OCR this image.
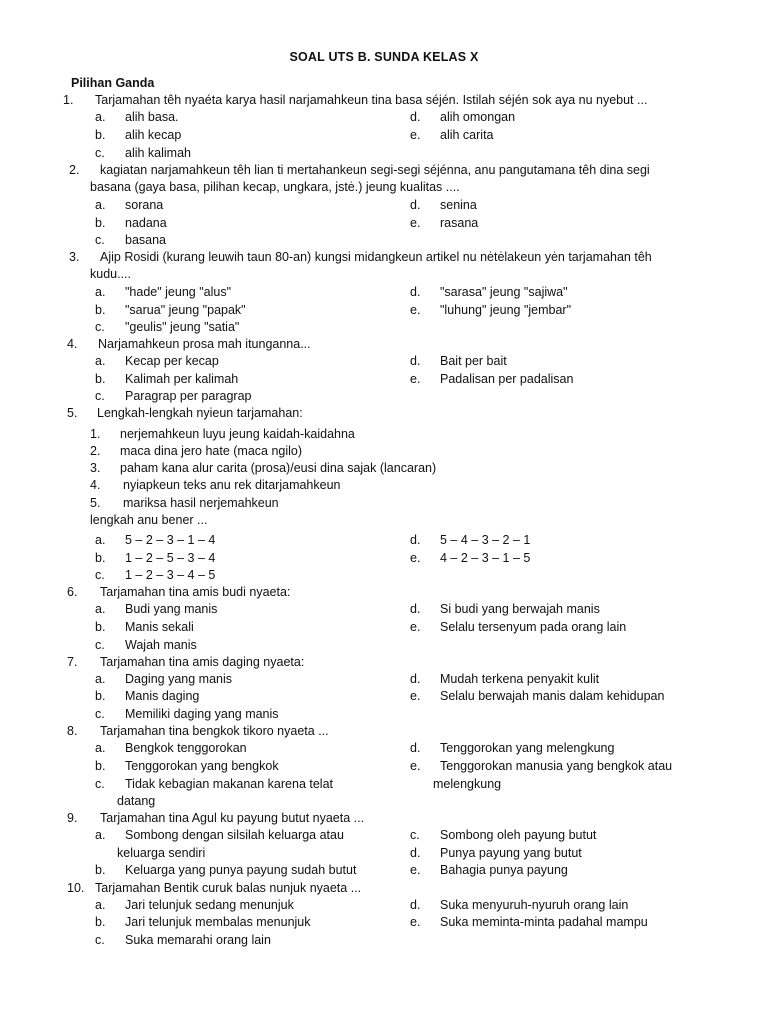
SOAL UTS B. SUNDA KELAS X
Pilihan Ganda
1. Tarjamahan têh nyaéta karya hasil narjamahkeun tina basa séjén. Istilah séjén sok aya nu nyebut ...
a. alih basa.
b. alih kecap
c. alih kalimah
d. alih omongan
e. alih carita
2. kagiatan narjamahkeun têh lian ti mertahankeun segi-segi séjénna, anu pangutamana têh dina segi
basana (gaya basa, pilihan kecap, ungkara, jstė.) jeung kualitas ....
a. sorana
b. nadana
c. basana
d. senina
e. rasana
3. Ajip Rosidi (kurang leuwih taun 80-an) kungsi midangkeun artikel nu nėtėlakeun yėn tarjamahan têh
kudu....
a. "hade" jeung "alus"
b. "sarua" jeung "papak"
c. "geulis" jeung "satia"
d. "sarasa" jeung "sajiwa"
e. "luhung" jeung "jembar"
4. Narjamahkeun prosa mah itunganna...
a. Kecap per kecap
b. Kalimah per kalimah
c. Paragrap per paragrap
d. Bait per bait
e. Padalisan per padalisan
5. Lengkah-lengkah nyieun tarjamahan:
1. nerjemahkeun luyu jeung kaidah-kaidahna
2. maca dina jero hate (maca ngilo)
3. paham kana alur carita (prosa)/eusi dina sajak (lancaran)
4. nyiapkeun teks anu rek ditarjamahkeun
5. mariksa hasil nerjemahkeun
lengkah anu bener ...
a. 5 – 2 – 3 – 1 – 4
b. 1 – 2 – 5 – 3 – 4
c. 1 – 2 – 3 – 4 – 5
d. 5 – 4 – 3 – 2 – 1
e. 4 – 2 – 3 – 1 – 5
6. Tarjamahan tina amis budi nyaeta:
a. Budi yang manis
b. Manis sekali
c. Wajah manis
d. Si budi yang berwajah manis
e. Selalu tersenyum pada orang lain
7. Tarjamahan tina amis daging nyaeta:
a. Daging yang manis
b. Manis daging
c. Memiliki daging yang manis
d. Mudah terkena penyakit kulit
e. Selalu berwajah manis dalam kehidupan
8. Tarjamahan tina bengkok tikoro nyaeta ...
a. Bengkok tenggorokan
b. Tenggorokan yang bengkok
c. Tidak kebagian makanan karena telat
datang
d. Tenggorokan yang melengkung
e. Tenggorokan manusia yang bengkok atau
melengkung
9. Tarjamahan tina Agul ku payung butut nyaeta ...
a. Sombong dengan silsilah keluarga atau
keluarga sendiri
b. Keluarga yang punya payung sudah butut
c. Sombong oleh payung butut
d. Punya payung yang butut
e. Bahagia punya payung
10. Tarjamahan Bentik curuk balas nunjuk nyaeta ...
a. Jari telunjuk sedang menunjuk
b. Jari telunjuk membalas menunjuk
c. Suka memarahi orang lain
d. Suka menyuruh-nyuruh orang lain
e. Suka meminta-minta padahal mampu
